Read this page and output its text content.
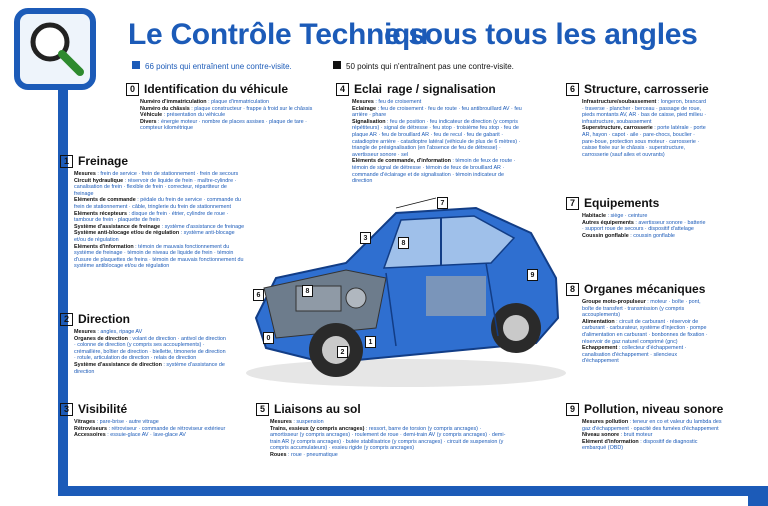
Le Contrôle Techniqu
e sous tous les angles
66 points qui entraînent une contre-visite.	50 points qui n'entraînent pas une contre-visite.
7
3
8
9
8
6
0
1
2
0 Identification du véhicule
Numéro d'immatriculation : plaque d'immatriculation
Numéro du châssis : plaque constructeur · frappe à froid sur le châssis
Véhicule : présentation du véhicule
Divers : énergie moteur · nombre de places assises · plaque de tare · compteur kilométrique
1 Freinage
Mesures : frein de service · frein de stationnement · frein de secours
Circuit hydraulique : réservoir de liquide de frein · maître-cylindre · canalisation de frein · flexible de frein · correcteur, répartiteur de freinage
Eléments de commande : pédale du frein de service · commande du frein de stationnement · câble, tringlerie du frein de stationnement
Eléments récepteurs : disque de frein · étrier, cylindre de roue · tambour de frein · plaquette de frein
Système d'assistance de freinage : système d'assistance de freinage
Système anti-blocage et/ou de régulation : système anti-blocage et/ou de régulation
Eléments d'information : témoin de mauvais fonctionnement du système de freinage · témoin de niveau de liquide de frein · témoin d'usure de plaquettes de freins · témoin de mauvais fonctionnement du système antiblocage et/ou de régulation
2 Direction
Mesures : angles, ripage AV
Organes de direction : volant de direction · antivol de direction · colonne de direction (y compris ses accouplements) · crémaillère, boîtier de direction · biellette, timonerie de direction · rotule, articulation de direction · relais de direction
Système d'assistance de direction : système d'assistance de direction
3 Visibilité
Vitrages : pare-brise · autre vitrage
Rétroviseurs : rétroviseur · commande de rétroviseur extérieur
Accessoires : essuie-glace AV · lave-glace AV
4 Eclai rage / signalisation
Mesures : feu de croisement
Eclairage : feu de croisement · feu de route · feu antibrouillard AV · feu arrière · phare
Signalisation : feu de position · feu indicateur de direction (y compris répétiteurs) · signal de détresse · feu stop · troisième feu stop · feu de plaque AR · feu de brouillard AR · feu de recul · feu de gabarit · catadioptre arrière · catadioptre latéral (véhicule de plus de 6 mètres) · triangle de présignalisation (en l'absence de feu de détresse) · avertisseur sonore · sel
Eléments de commande, d'information : témoin de feux de route · témoin de signal de détresse · témoin de feux de brouillard AR · commande d'éclairage et de signalisation · témoin indicateur de direction
5 Liaisons au sol
Mesures : suspension
Trains, essieux (y compris ancrages) : ressort, barre de torsion (y compris ancrages) · amortisseur (y compris ancrages) · roulement de roue · demi-train AV (y compris ancrages) · demi-train AR (y compris ancrages) · butée stabilisatrice (y compris ancrages) · circuit de suspension (y compris accumulateurs) · essieu rigide (y compris ancrages)
Roues : roue · pneumatique
6 Structure, carrosserie
Infrastructure/soubassement : longeron, brancard · traverse · plancher · berceau · passage de roue, pieds montants AV, AR · bas de caisse, pied milieu · infrastructure, soubassement
Superstructure, carrosserie : porte latérale · porte AR, hayon · capot · aile · pare-chocs, bouclier · pare-boue, protection sous moteur · carrosserie · caisse fixée sur le châssis · superstructure, carrosserie (sauf ailes et ouvrants)
7 Equipements
Habitacle : siège · ceinture
Autres équipements : avertisseur sonore · batterie · support roue de secours · dispositif d'attelage
Coussin gonflable : coussin gonflable
8 Organes mécaniques
Groupe moto-propulseur : moteur · boîte · pont, boîte de transfert · transmission (y compris accouplements)
Alimentation : circuit de carburant · réservoir de carburant · carburateur, système d'injection · pompe d'alimentation en carburant · bonbonnes de fixation · réservoir de gaz naturel comprimé (gnc)
Echappement : collecteur d'échappement · canalisation d'échappement · silencieux d'échappement
9 Pollution, niveau sonore
Mesures pollution : teneur en co et valeur du lambda des gaz d'échappement · opacité des fumées d'échappement
Niveau sonore : bruit moteur
Elément d'information : dispositif de diagnostic embarqué (OBD)
